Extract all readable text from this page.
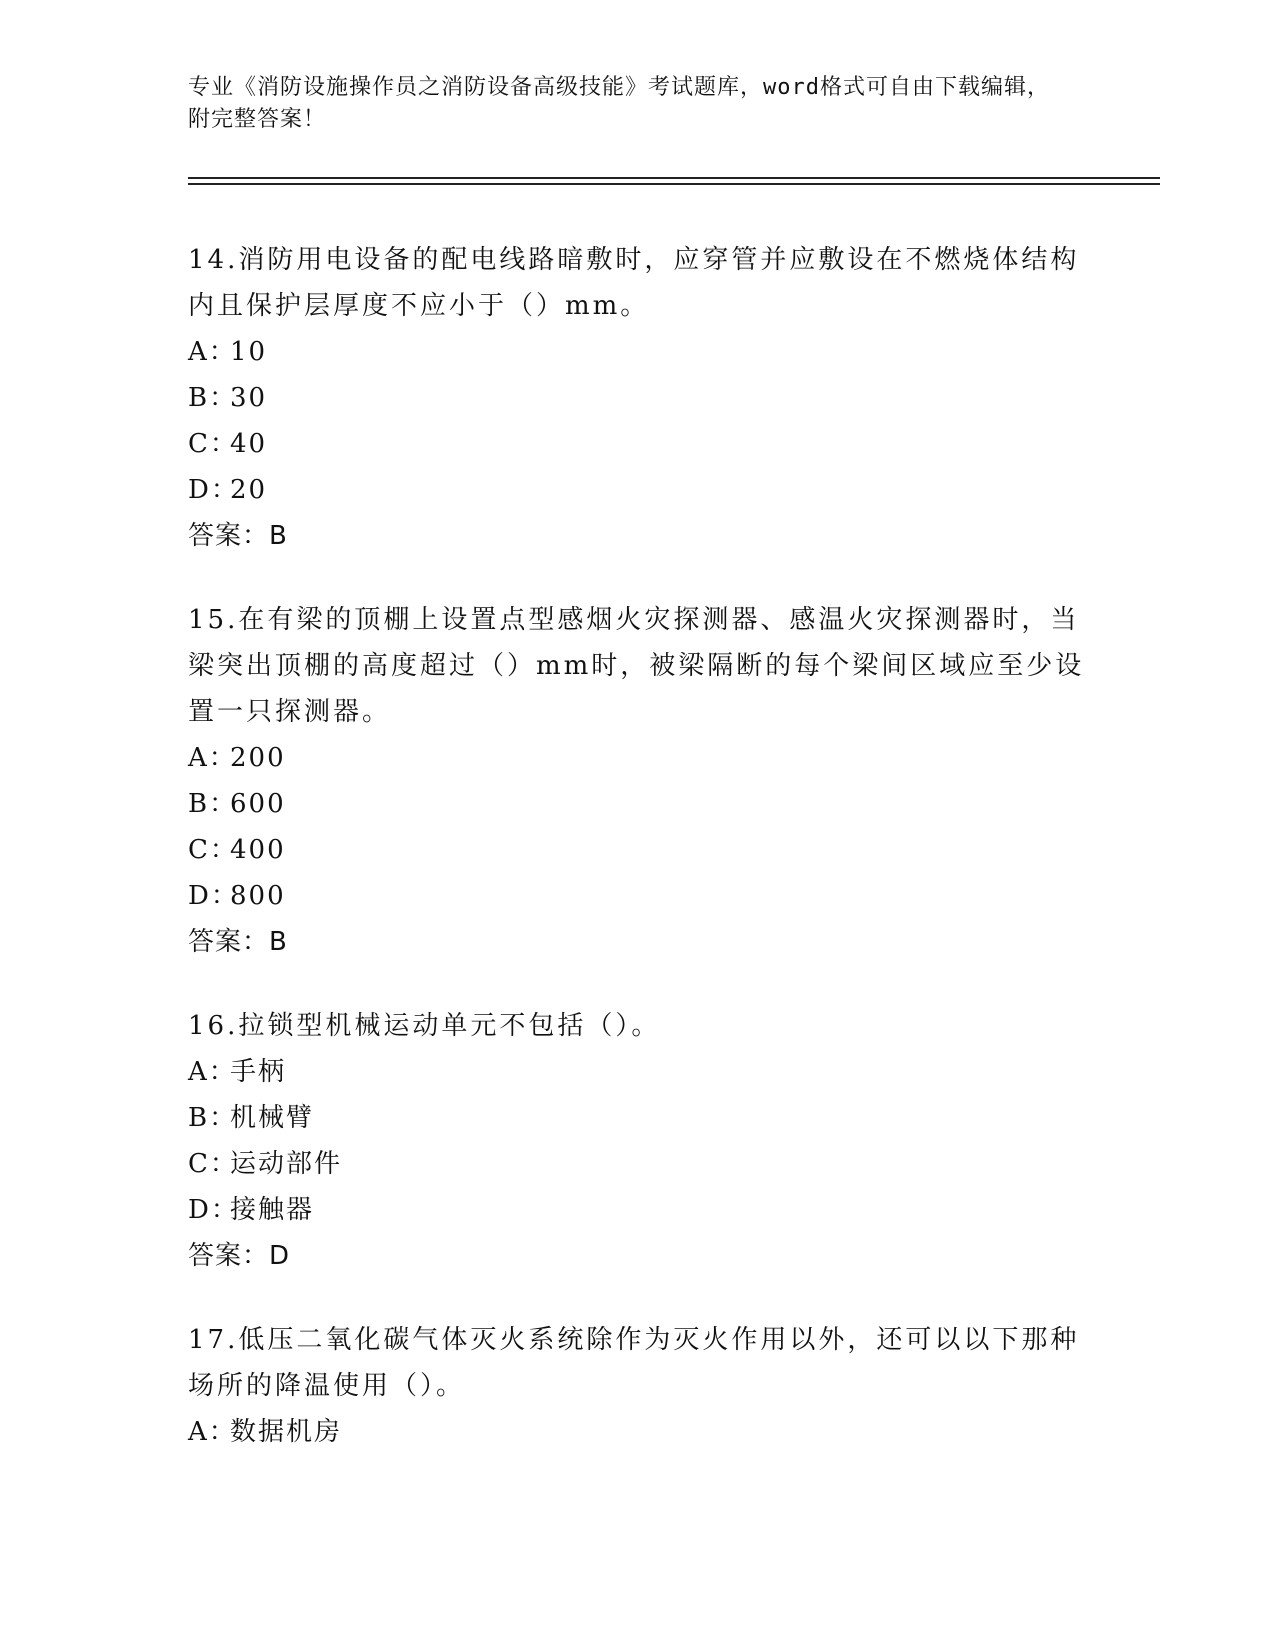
专业《消防设施操作员之消防设备高级技能》考试题库，word格式可自由下载编辑，附完整答案！

14.消防用电设备的配电线路暗敷时，应穿管并应敷设在不燃烧体结构内且保护层厚度不应小于（）mm。

A：10

B：30

C：40

D：20

答案：B

15.在有梁的顶棚上设置点型感烟火灾探测器、感温火灾探测器时，当梁突出顶棚的高度超过（）mm时，被梁隔断的每个梁间区域应至少设置一只探测器。

A：200

B：600

C：400

D：800

答案：B

16.拉锁型机械运动单元不包括（）。

A：手柄

B：机械臂

C：运动部件

D：接触器

答案：D

17.低压二氧化碳气体灭火系统除作为灭火作用以外，还可以以下那种场所的降温使用（）。

A：数据机房
